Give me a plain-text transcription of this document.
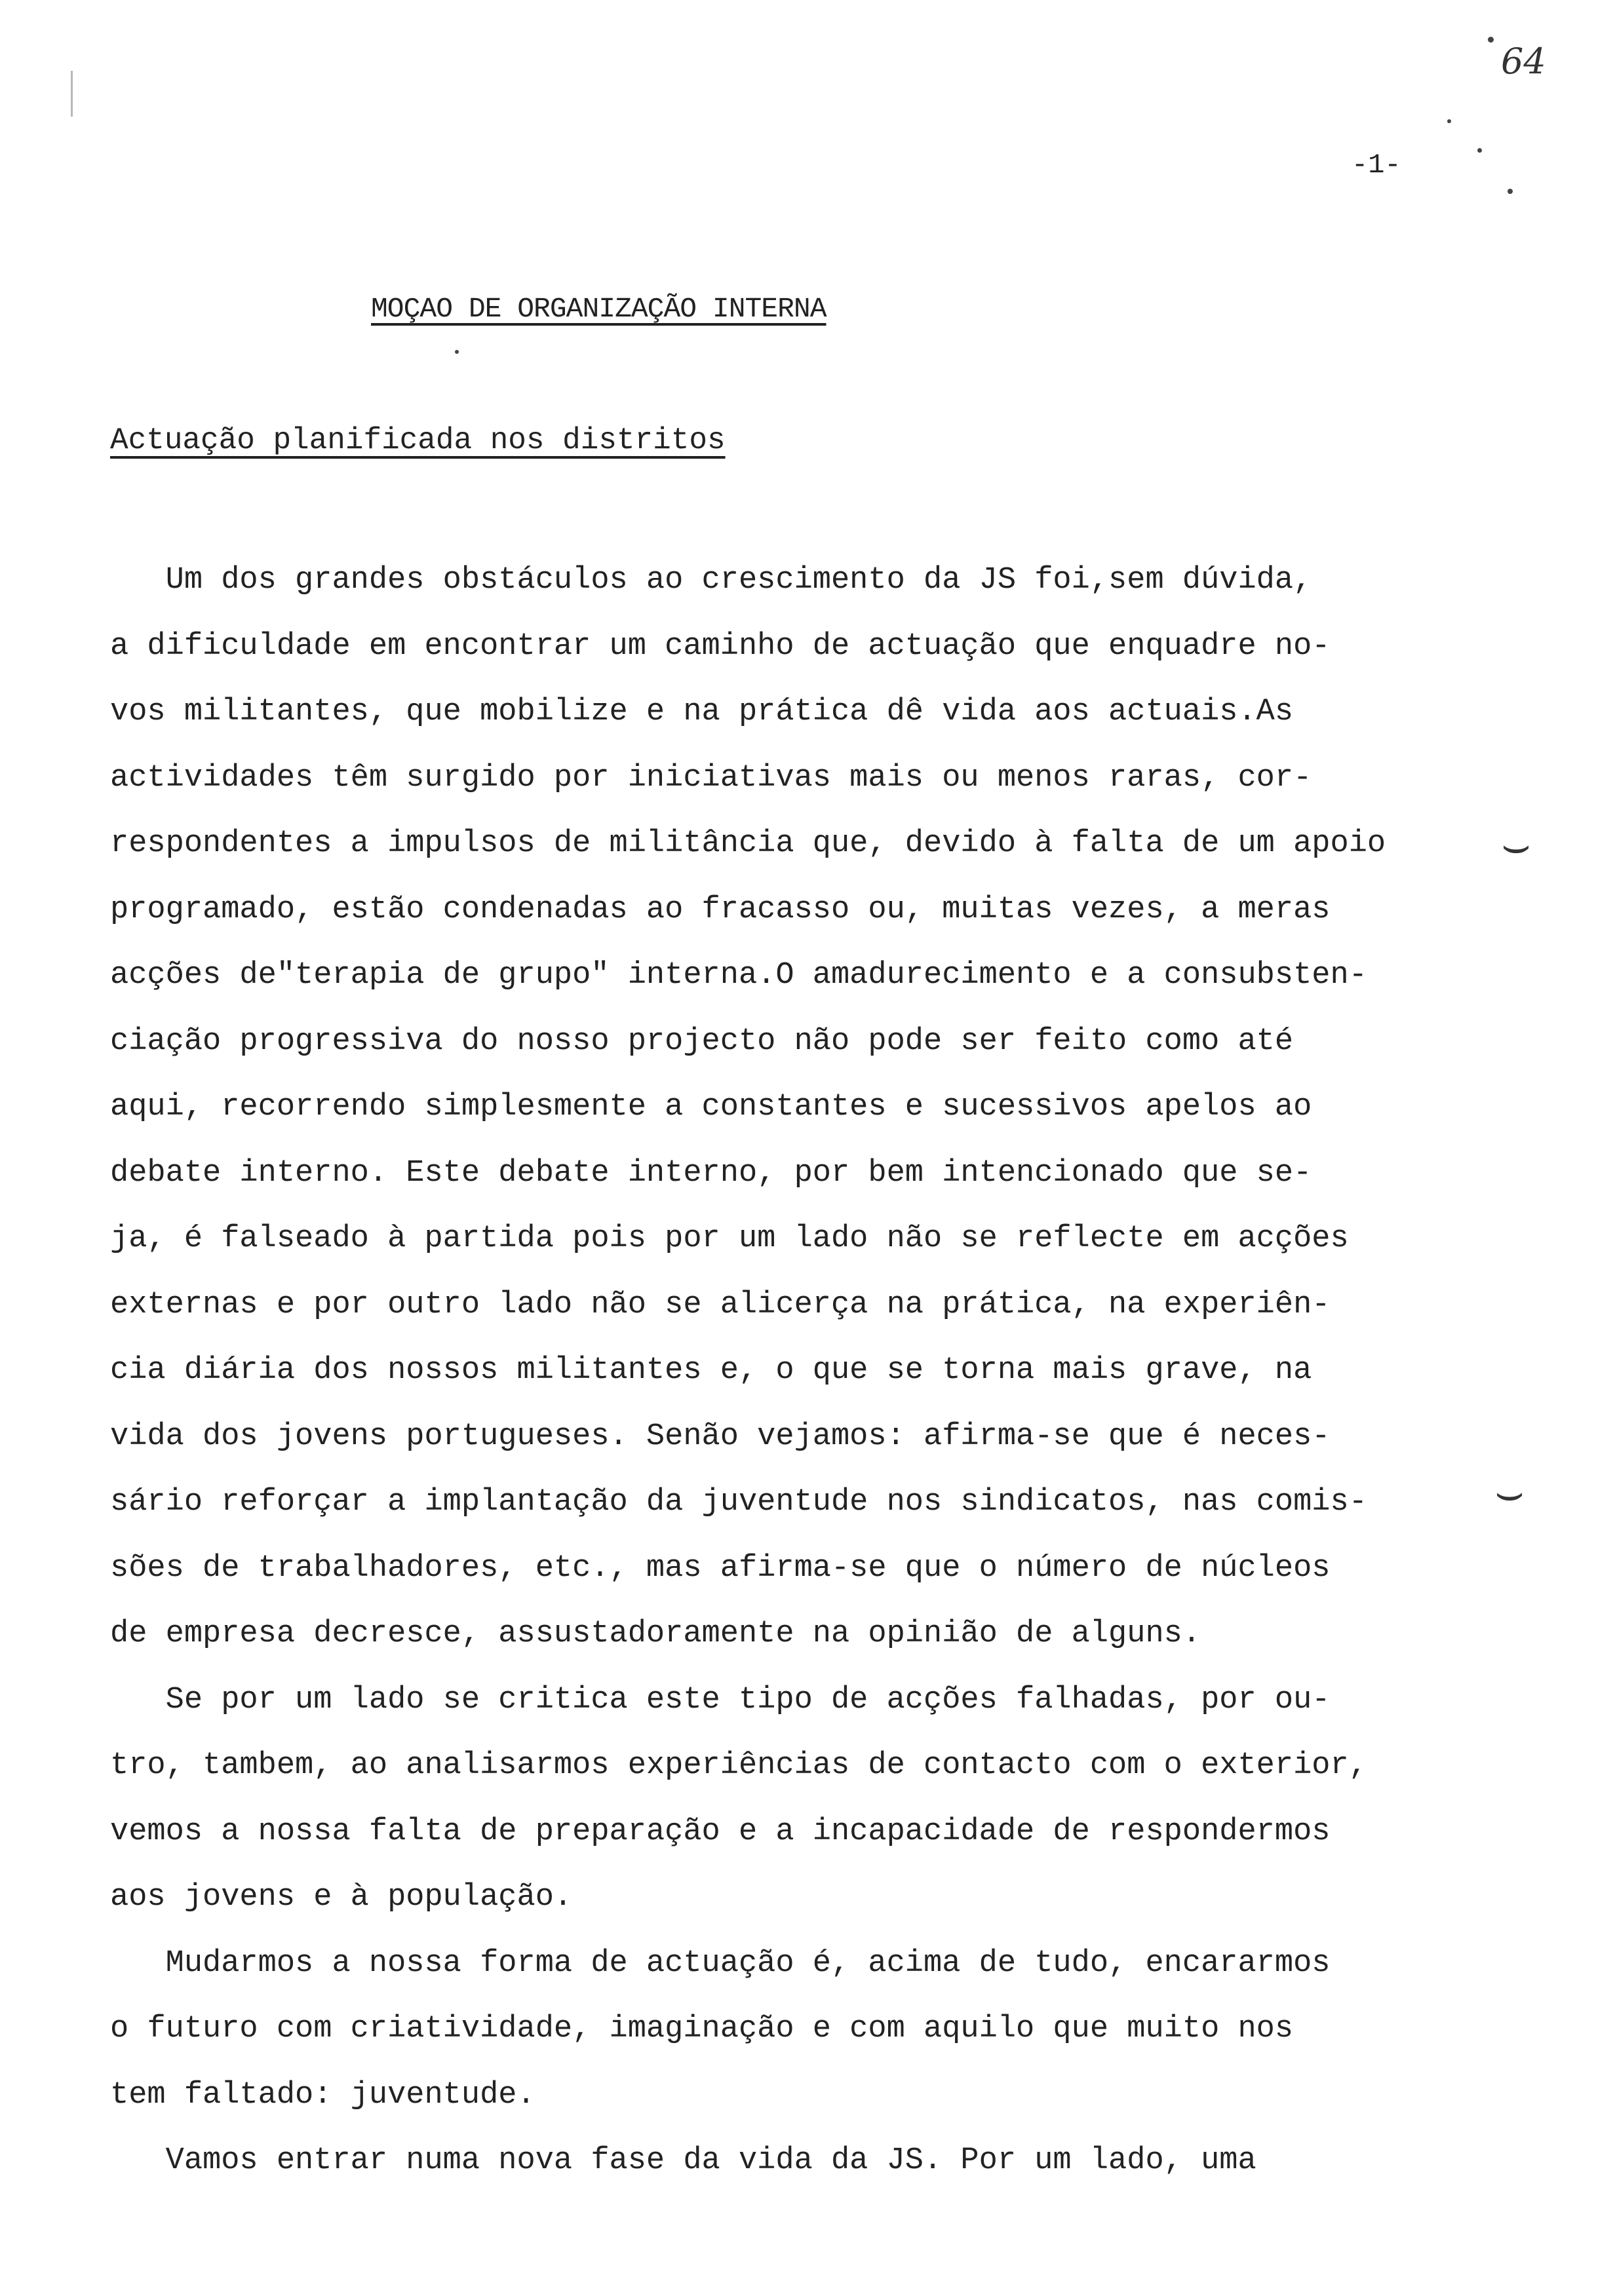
64
-1-
MOÇAO DE ORGANIZAÇÃO INTERNA
Actuação planificada nos distritos
Um dos grandes obstáculos ao crescimento da JS foi,sem dúvida,
a dificuldade em encontrar um caminho de actuação que enquadre no-
vos militantes, que mobilize e na prática dê vida aos actuais.As
actividades têm surgido por iniciativas mais ou menos raras, cor-
respondentes a impulsos de militância que, devido à falta de um apoio
programado, estão condenadas ao fracasso ou, muitas vezes, a meras
acções de"terapia de grupo" interna.O amadurecimento e a consubsten-
ciação progressiva do nosso projecto não pode ser feito como até
aqui, recorrendo simplesmente a constantes e sucessivos apelos ao
debate interno. Este debate interno, por bem intencionado que se-
ja, é falseado à partida pois por um lado não se reflecte em acções
externas e por outro lado não se alicerça na prática, na experiên-
cia diária dos nossos militantes e, o que se torna mais grave, na
vida dos jovens portugueses. Senão vejamos: afirma-se que é neces-
sário reforçar a implantação da juventude nos sindicatos, nas comis-
sões de trabalhadores, etc., mas afirma-se que o número de núcleos
de empresa decresce, assustadoramente na opinião de alguns.
Se por um lado se critica este tipo de acções falhadas, por ou-
tro, tambem, ao analisarmos experiências de contacto com o exterior,
vemos a nossa falta de preparação e a incapacidade de respondermos
aos jovens e à população.
Mudarmos a nossa forma de actuação é, acima de tudo, encararmos
o futuro com criatividade, imaginação e com aquilo que muito nos
tem faltado: juventude.
Vamos entrar numa nova fase da vida da JS. Por um lado, uma
⌣
⌣
